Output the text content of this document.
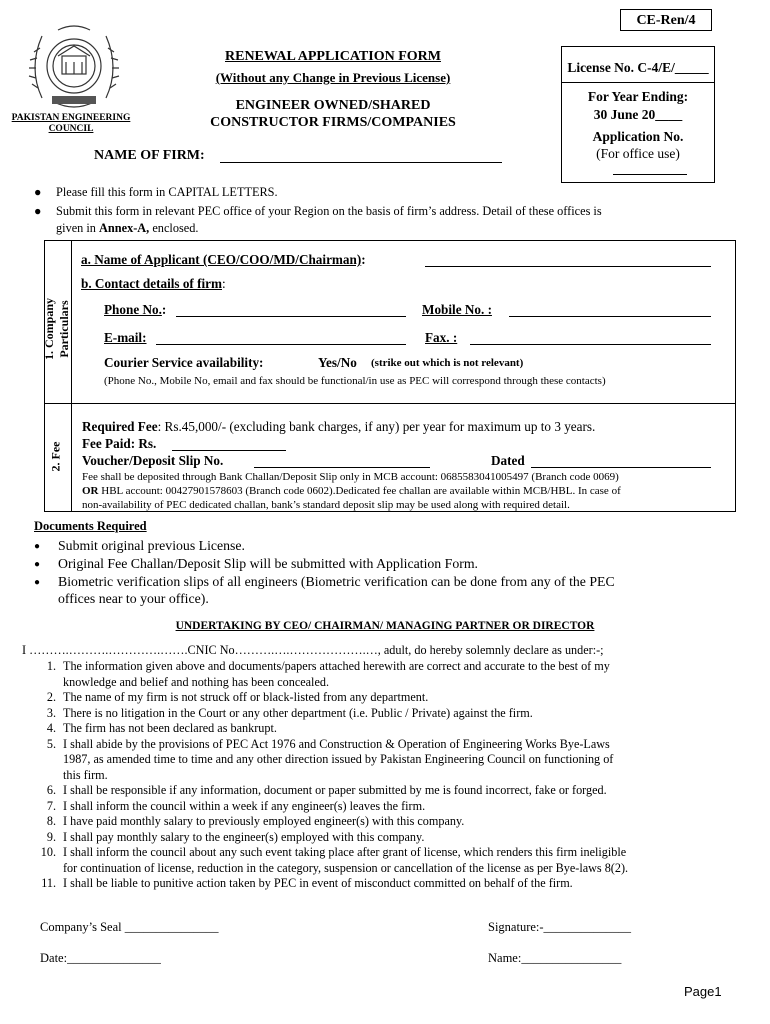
CE-Ren/4
PAKISTAN ENGINEERING COUNCIL
RENEWAL APPLICATION FORM
(Without any Change in Previous License)
ENGINEER OWNED/SHARED
CONSTRUCTOR FIRMS/COMPANIES
NAME OF FIRM:
License No. C-4/E/_____
For Year Ending:
30 June 20____
Application No.
(For office use)
● Please fill this form in CAPITAL LETTERS.
● Submit this form in relevant PEC office of your Region on the basis of firm’s address. Detail of these offices is
given in Annex-A, enclosed.
1. Company Particulars
a. Name of Applicant (CEO/COO/MD/Chairman):
b. Contact details of firm:
Phone No.:	Mobile No. :
E-mail:	Fax. :
Courier Service availability:	Yes/No (strike out which is not relevant)
(Phone No., Mobile No, email and fax should be functional/in use as PEC will correspond through these contacts)
2. Fee
Required Fee: Rs.45,000/- (excluding bank charges, if any) per year for maximum up to 3 years.
Fee Paid: Rs.
Voucher/Deposit Slip No.	Dated
Fee shall be deposited through Bank Challan/Deposit Slip only in MCB account: 0685583041005497 (Branch code 0069)
OR HBL account: 00427901578603 (Branch code 0602).Dedicated fee challan are available within MCB/HBL. In case of
non-availability of PEC dedicated challan, bank’s standard deposit slip may be used along with required detail.
Documents Required
● Submit original previous License.
● Original Fee Challan/Deposit Slip will be submitted with Application Form.
● Biometric verification slips of all engineers (Biometric verification can be done from any of the PEC
offices near to your office).
UNDERTAKING BY CEO/ CHAIRMAN/ MANAGING PARTNER OR DIRECTOR
I ……….……….………….…….CNIC No……….….……………….…, adult, do hereby solemnly declare as under:-;
1. The information given above and documents/papers attached herewith are correct and accurate to the best of my
knowledge and belief and nothing has been concealed.
2. The name of my firm is not struck off or black-listed from any department.
3. There is no litigation in the Court or any other department (i.e. Public / Private) against the firm.
4. The firm has not been declared as bankrupt.
5. I shall abide by the provisions of PEC Act 1976 and Construction & Operation of Engineering Works Bye-Laws
1987, as amended time to time and any other direction issued by Pakistan Engineering Council on functioning of
this firm.
6. I shall be responsible if any information, document or paper submitted by me is found incorrect, fake or forged.
7. I shall inform the council within a week if any engineer(s) leaves the firm.
8. I have paid monthly salary to previously employed engineer(s) with this company.
9. I shall pay monthly salary to the engineer(s) employed with this company.
10. I shall inform the council about any such event taking place after grant of license, which renders this firm ineligible
for continuation of license, reduction in the category, suspension or cancellation of the license as per Bye-laws 8(2).
11. I shall be liable to punitive action taken by PEC in event of misconduct committed on behalf of the firm.
Company’s Seal _______________	Signature:-______________
Date:_______________	Name:________________
Page1
